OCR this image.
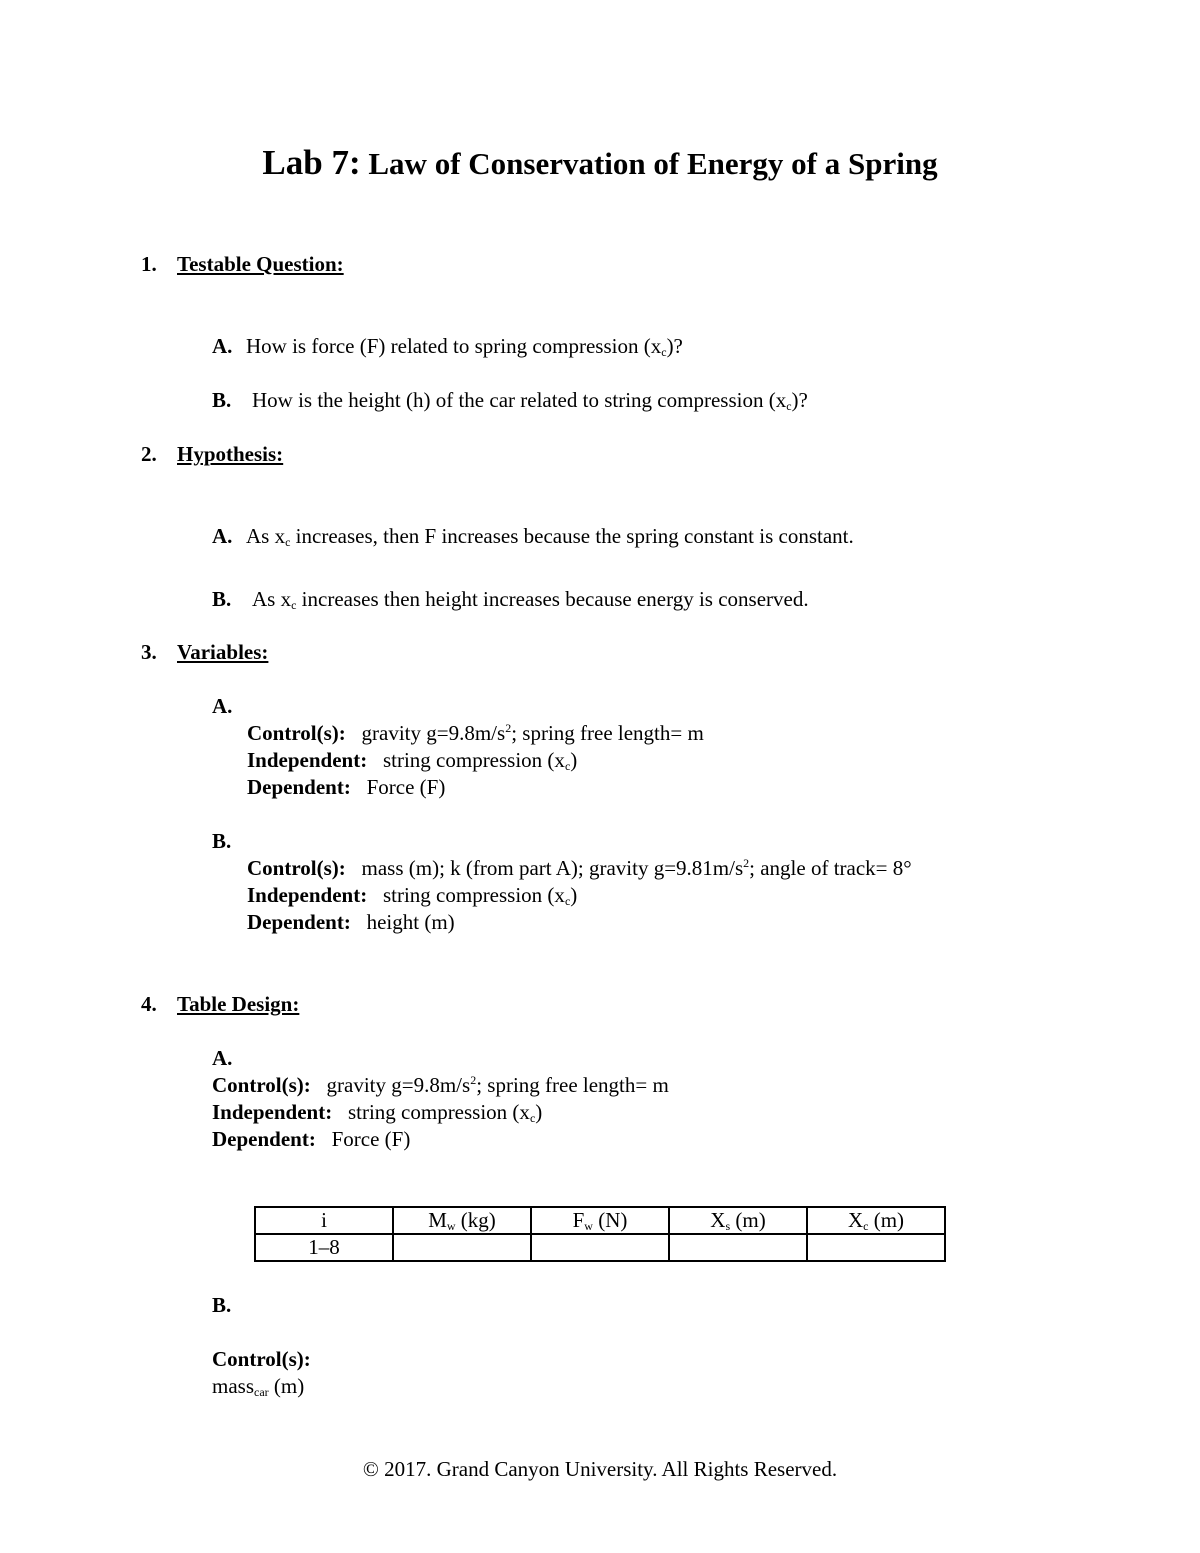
Lab 7: Law of Conservation of Energy of a Spring
1. Testable Question:
A. How is force (F) related to spring compression $(x_c)$?
B. How is the height (h) of the car related to string compression $(x_c)$?
2. Hypothesis:
A. As $x_c$ increases, then F increases because the spring constant is constant.
B. As $x_c$ increases then height increases because energy is conserved.
3. Variables:
A.
Control(s): gravity $g=9.8m/s^2$; spring free length= m
Independent: string compression $(x_c)$
Dependent: Force (F)
B.
Control(s): mass (m); k (from part A); gravity $g=9.81m/s^2$; angle of track= 8°
Independent: string compression $(x_c)$
Dependent: height (m)
4. Table Design:
A.
Control(s): gravity $g=9.8m/s^2$; spring free length= m
Independent: string compression $(x_c)$
Dependent: Force (F)
i	$M_w$ (kg)	$F_w$ (N)	$X_s$ (m)	$X_c$ (m)
1–8				
B.
Control(s):
mass$_{car}$ (m)
© 2017. Grand Canyon University. All Rights Reserved.
